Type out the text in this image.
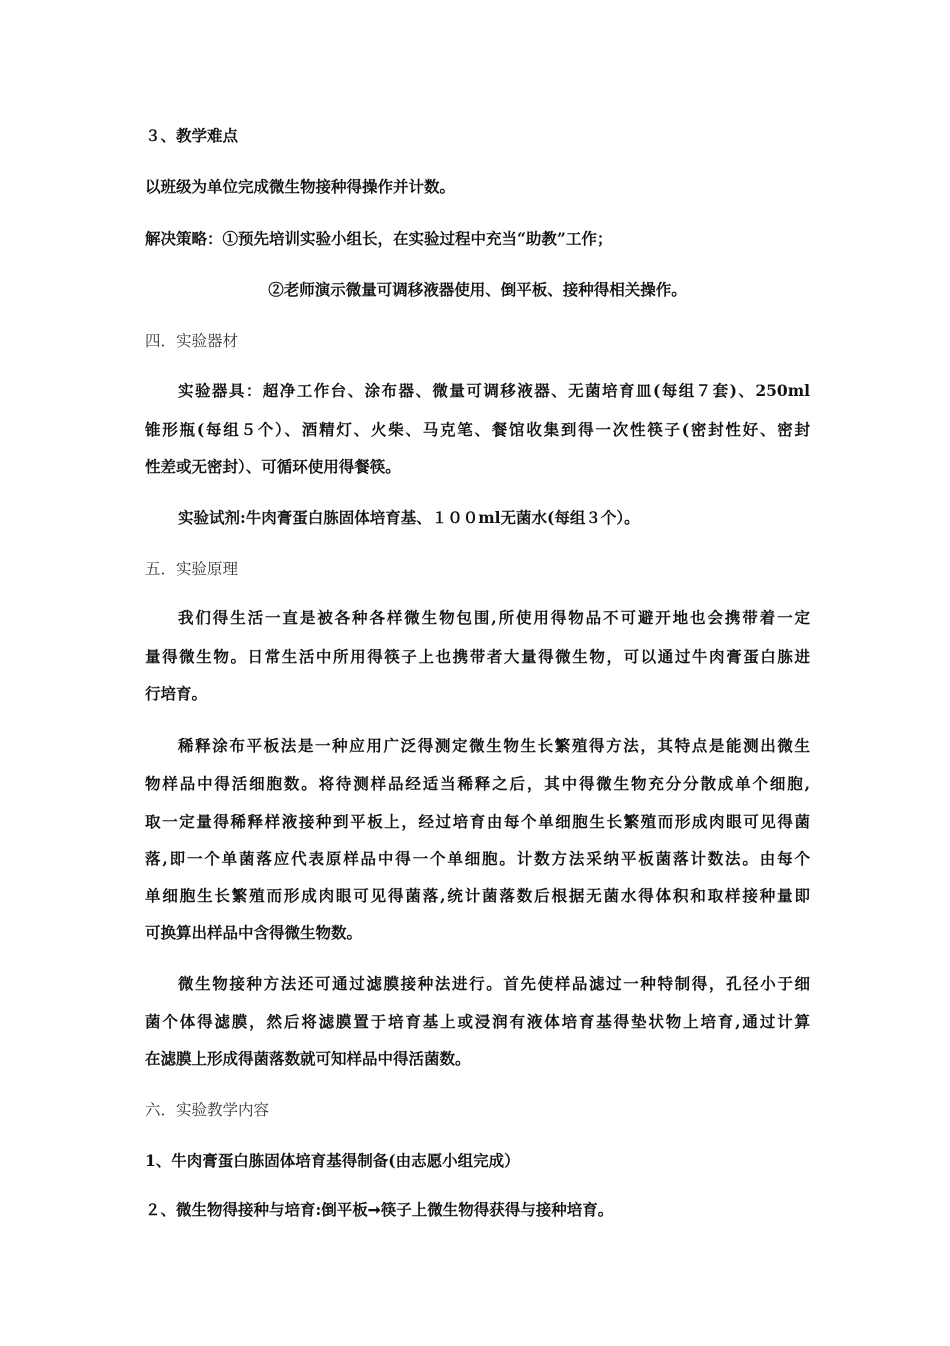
３、教学难点
以班级为单位完成微生物接种得操作并计数。
解决策略：①预先培训实验小组长，在实验过程中充当“助教”工作；
②老师演示微量可调移液器使用、倒平板、接种得相关操作。
四．实验器材
实验器具：超净工作台、涂布器、微量可调移液器、无菌培育皿(每组７套)、250ml
锥形瓶(每组５个）、酒精灯、火柴、马克笔、餐馆收集到得一次性筷子(密封性好、密封
性差或无密封）、可循环使用得餐筷。
实验试剂:牛肉膏蛋白胨固体培育基、１００ml无菌水(每组３个）。
五．实验原理
我们得生活一直是被各种各样微生物包围,所使用得物品不可避开地也会携带着一定
量得微生物。日常生活中所用得筷子上也携带者大量得微生物，可以通过牛肉膏蛋白胨进
行培育。
稀释涂布平板法是一种应用广泛得测定微生物生长繁殖得方法，其特点是能测出微生
物样品中得活细胞数。将待测样品经适当稀释之后，其中得微生物充分分散成单个细胞,
取一定量得稀释样液接种到平板上，经过培育由每个单细胞生长繁殖而形成肉眼可见得菌
落,即一个单菌落应代表原样品中得一个单细胞。计数方法采纳平板菌落计数法。由每个
单细胞生长繁殖而形成肉眼可见得菌落,统计菌落数后根据无菌水得体积和取样接种量即
可换算出样品中含得微生物数。
微生物接种方法还可通过滤膜接种法进行。首先使样品滤过一种特制得，孔径小于细
菌个体得滤膜，然后将滤膜置于培育基上或浸润有液体培育基得垫状物上培育,通过计算
在滤膜上形成得菌落数就可知样品中得活菌数。
六．实验教学内容
1、牛肉膏蛋白胨固体培育基得制备(由志愿小组完成）
２、微生物得接种与培育:倒平板➞筷子上微生物得获得与接种培育。
